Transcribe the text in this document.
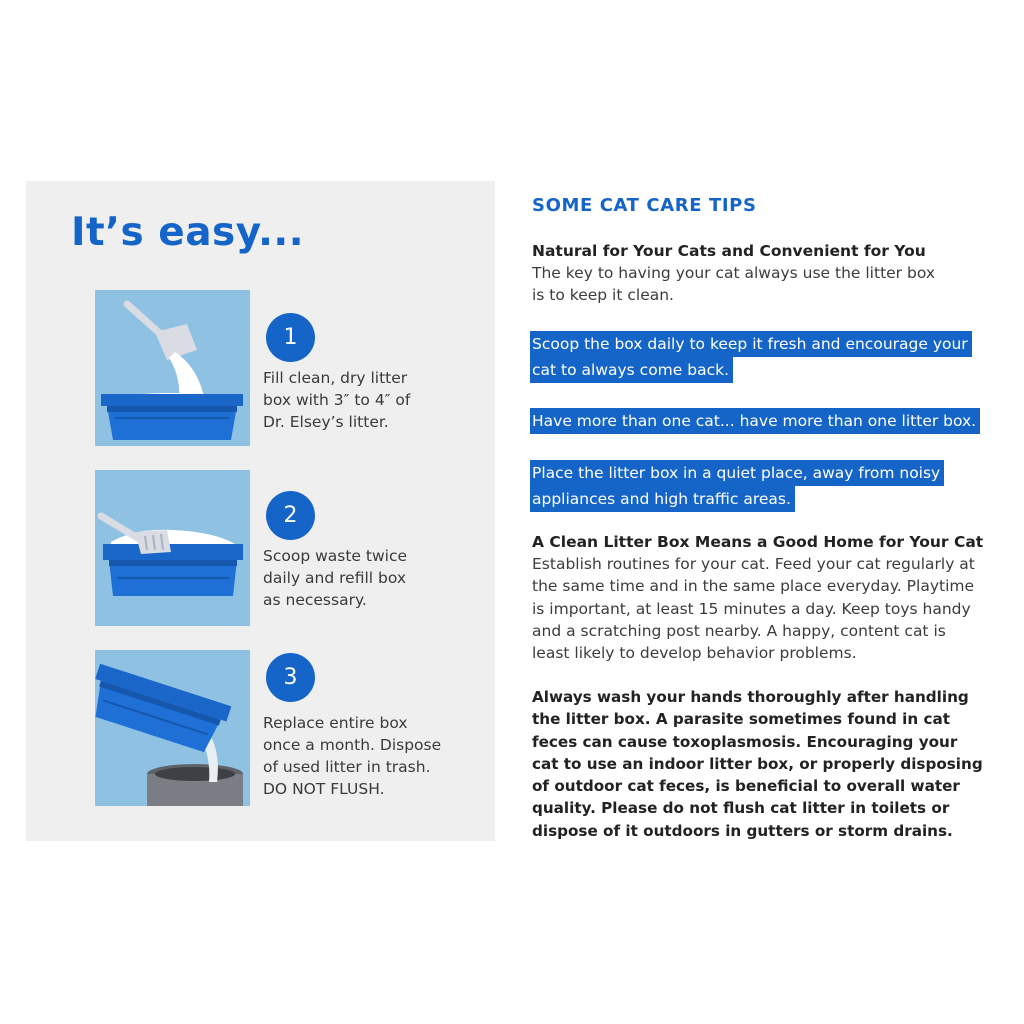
It’s easy...
1

Fill clean, dry litter
box with 3″ to 4″ of
Dr. Elsey’s litter.

2

Scoop waste twice
daily and refill box
as necessary.

3

Replace entire box
once a month. Dispose
of used litter in trash.
DO NOT FLUSH.

SOME CAT CARE TIPS
Natural for Your Cats and Convenient for You

The key to having your cat always use the litter box
is to keep it clean.

Scoop the box daily to keep it fresh and encourage your
cat to always come back.
Have more than one cat... have more than one litter box.
Place the litter box in a quiet place, away from noisy
appliances and high traffic areas.
A Clean Litter Box Means a Good Home for Your Cat

Establish routines for your cat. Feed your cat regularly at
the same time and in the same place everyday. Playtime
is important, at least 15 minutes a day. Keep toys handy
and a scratching post nearby. A happy, content cat is
least likely to develop behavior problems.

Always wash your hands thoroughly after handling
the litter box. A parasite sometimes found in cat
feces can cause toxoplasmosis. Encouraging your
cat to use an indoor litter box, or properly disposing
of outdoor cat feces, is beneficial to overall water
quality. Please do not flush cat litter in toilets or
dispose of it outdoors in gutters or storm drains.
